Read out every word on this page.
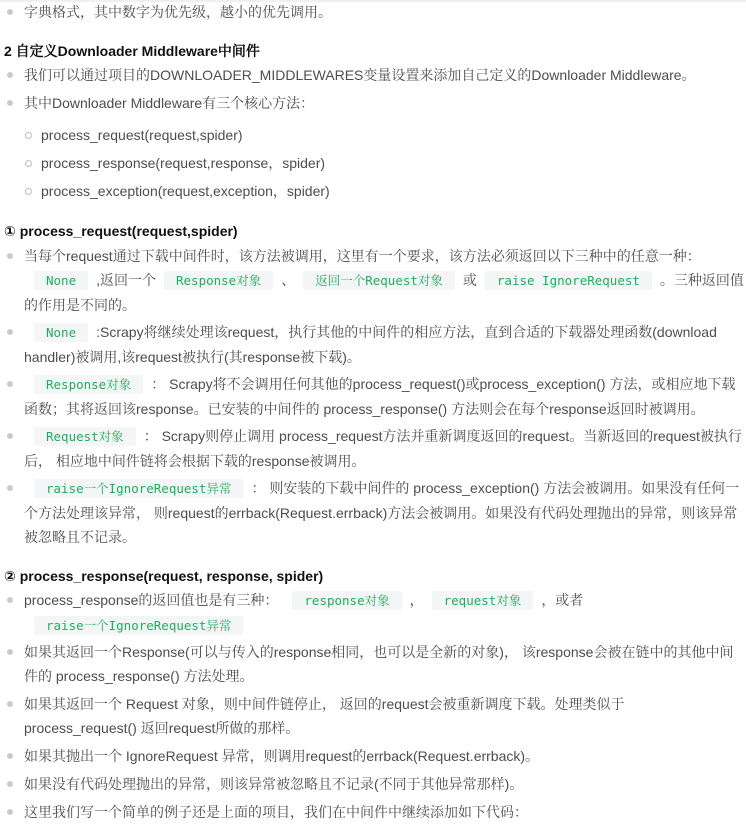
字典格式，其中数字为优先级，越小的优先调用。
2 自定义Downloader Middleware中间件
我们可以通过项目的DOWNLOADER_MIDDLEWARES变量设置来添加自己定义的Downloader Middleware。
其中Downloader Middleware有三个核心方法：
process_request(request,spider)
process_response(request,response，spider)
process_exception(request,exception，spider)
① process_request(request,spider)
当每个request通过下载中间件时，该方法被调用，这里有一个要求，该方法必须返回以下三种中的任意一种：
None ,返回一个 Response对象 、 返回一个Request对象 或 raise IgnoreRequest 。三种返回值的作用是不同的。
None :Scrapy将继续处理该request，执行其他的中间件的相应方法，直到合适的下载器处理函数(download handler)被调用,该request被执行(其response被下载)。
Response对象 ： Scrapy将不会调用任何其他的process_request()或process_exception() 方法，或相应地下载函数；其将返回该response。已安装的中间件的 process_response() 方法则会在每个response返回时被调用。
Request对象 ： Scrapy则停止调用 process_request方法并重新调度返回的request。当新返回的request被执行后， 相应地中间件链将会根据下载的response被调用。
raise一个IgnoreRequest异常 ： 则安装的下载中间件的 process_exception() 方法会被调用。如果没有任何一个方法处理该异常， 则request的errback(Request.errback)方法会被调用。如果没有代码处理抛出的异常，则该异常被忽略且不记录。
② process_response(request, response, spider)
process_response的返回值也是有三种： response对象 ， request对象 ，或者
raise一个IgnoreRequest异常
如果其返回一个Response(可以与传入的response相同，也可以是全新的对象)， 该response会被在链中的其他中间件的 process_response() 方法处理。
如果其返回一个 Request 对象，则中间件链停止， 返回的request会被重新调度下载。处理类似于process_request() 返回request所做的那样。
如果其抛出一个 IgnoreRequest 异常，则调用request的errback(Request.errback)。
如果没有代码处理抛出的异常，则该异常被忽略且不记录(不同于其他异常那样)。
这里我们写一个简单的例子还是上面的项目，我们在中间件中继续添加如下代码：
